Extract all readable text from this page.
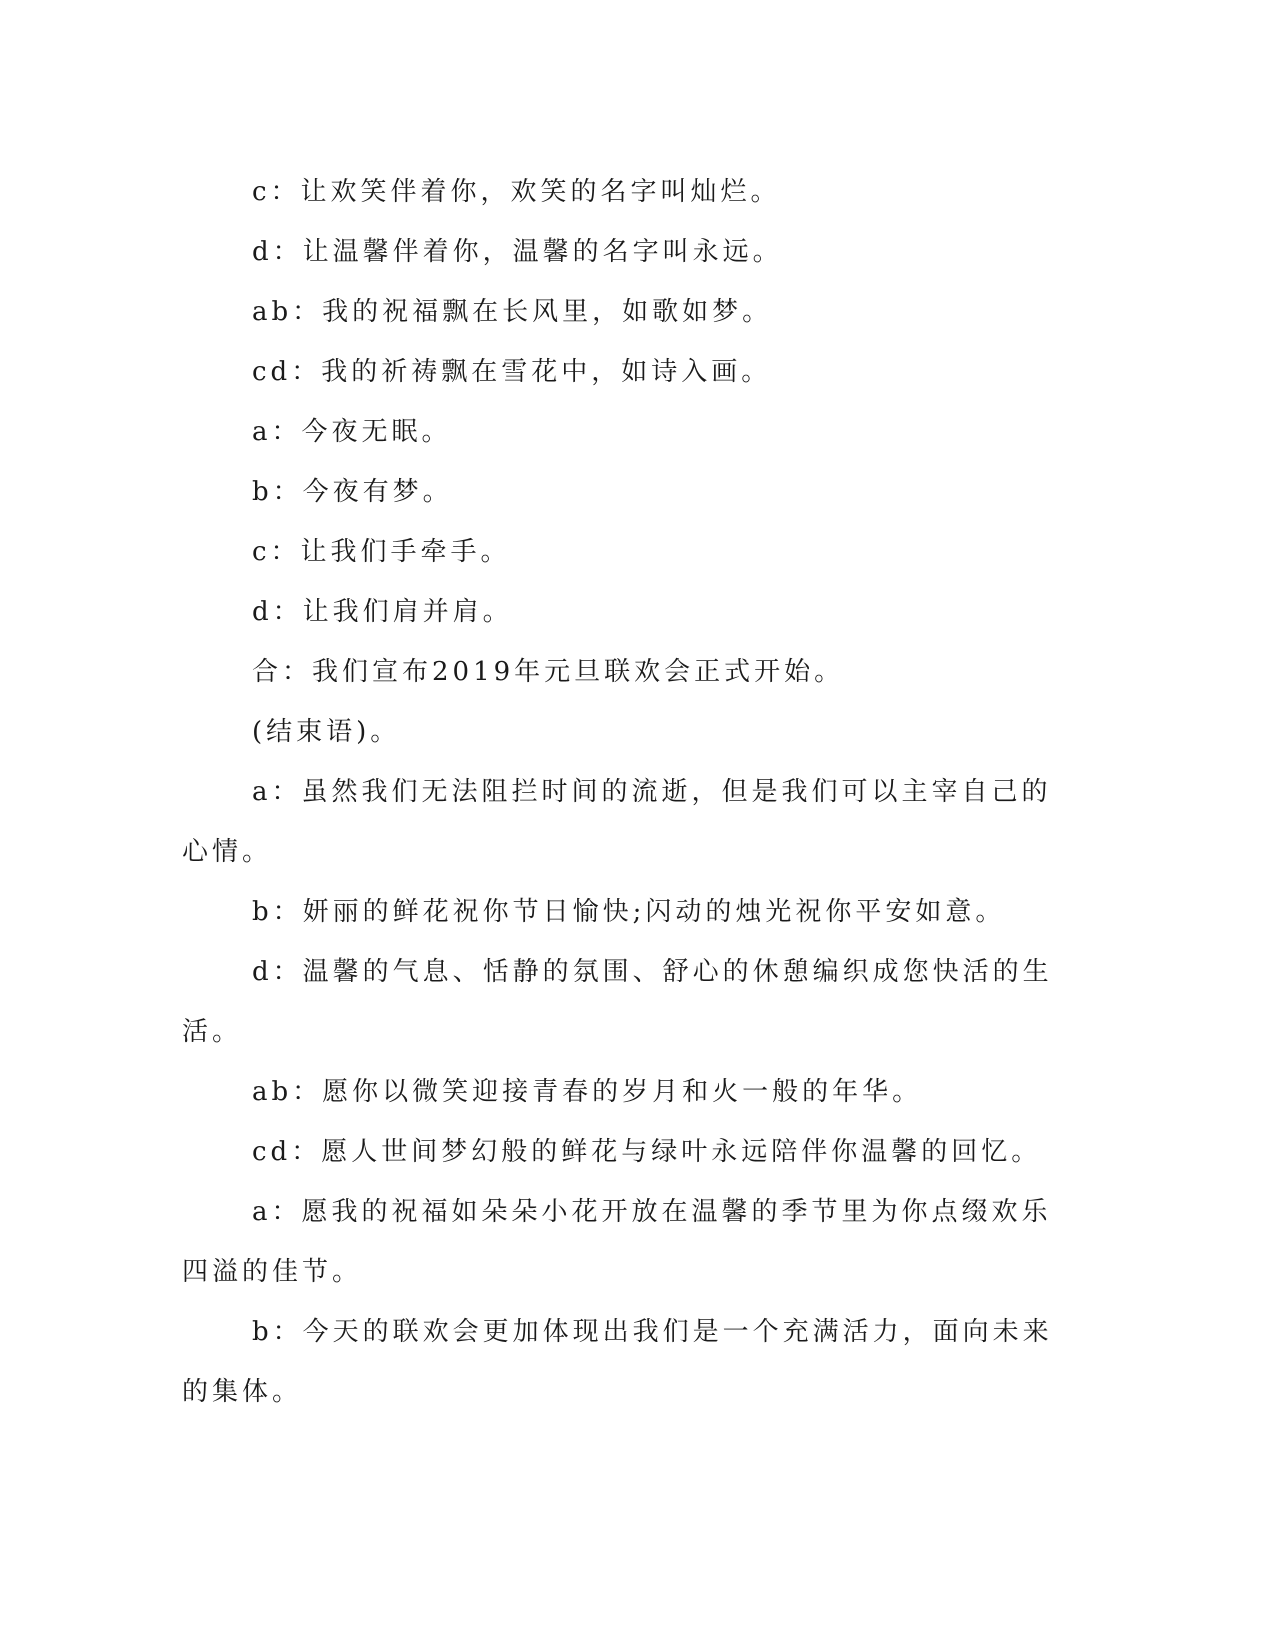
c：让欢笑伴着你，欢笑的名字叫灿烂。

d：让温馨伴着你，温馨的名字叫永远。

ab：我的祝福飘在长风里，如歌如梦。

cd：我的祈祷飘在雪花中，如诗入画。

a：今夜无眠。

b：今夜有梦。

c：让我们手牵手。

d：让我们肩并肩。

合：我们宣布2019年元旦联欢会正式开始。

(结束语)。

a：虽然我们无法阻拦时间的流逝，但是我们可以主宰自己的心情。

b：妍丽的鲜花祝你节日愉快;闪动的烛光祝你平安如意。

d：温馨的气息、恬静的氛围、舒心的休憩编织成您快活的生活。

ab：愿你以微笑迎接青春的岁月和火一般的年华。

cd：愿人世间梦幻般的鲜花与绿叶永远陪伴你温馨的回忆。

a：愿我的祝福如朵朵小花开放在温馨的季节里为你点缀欢乐四溢的佳节。

b：今天的联欢会更加体现出我们是一个充满活力，面向未来的集体。
